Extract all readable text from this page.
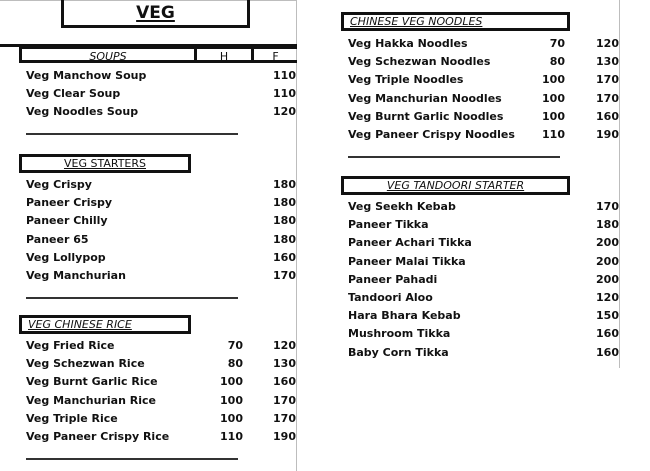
VEG
SOUPS	H	F
VEG STARTERS
VEG CHINESE RICE
CHINESE VEG NOODLES
VEG TANDOORI STARTER
Veg Manchow Soup	110
Veg Clear Soup	110
Veg Noodles Soup	120
Veg Crispy	180
Paneer Crispy	180
Paneer Chilly	180
Paneer 65	180
Veg Lollypop	160
Veg Manchurian	170
Veg Fried Rice	70	120
Veg Schezwan Rice	80	130
Veg Burnt Garlic Rice	100	160
Veg Manchurian Rice	100	170
Veg Triple Rice	100	170
Veg Paneer Crispy Rice	110	190
Veg Hakka Noodles	70	120
Veg Schezwan Noodles	80	130
Veg Triple Noodles	100	170
Veg Manchurian Noodles	100	170
Veg Burnt Garlic Noodles	100	160
Veg Paneer Crispy Noodles	110	190
Veg Seekh Kebab	170
Paneer Tikka	180
Paneer Achari Tikka	200
Paneer Malai Tikka	200
Paneer Pahadi	200
Tandoori Aloo	120
Hara Bhara Kebab	150
Mushroom Tikka	160
Baby Corn Tikka	160
